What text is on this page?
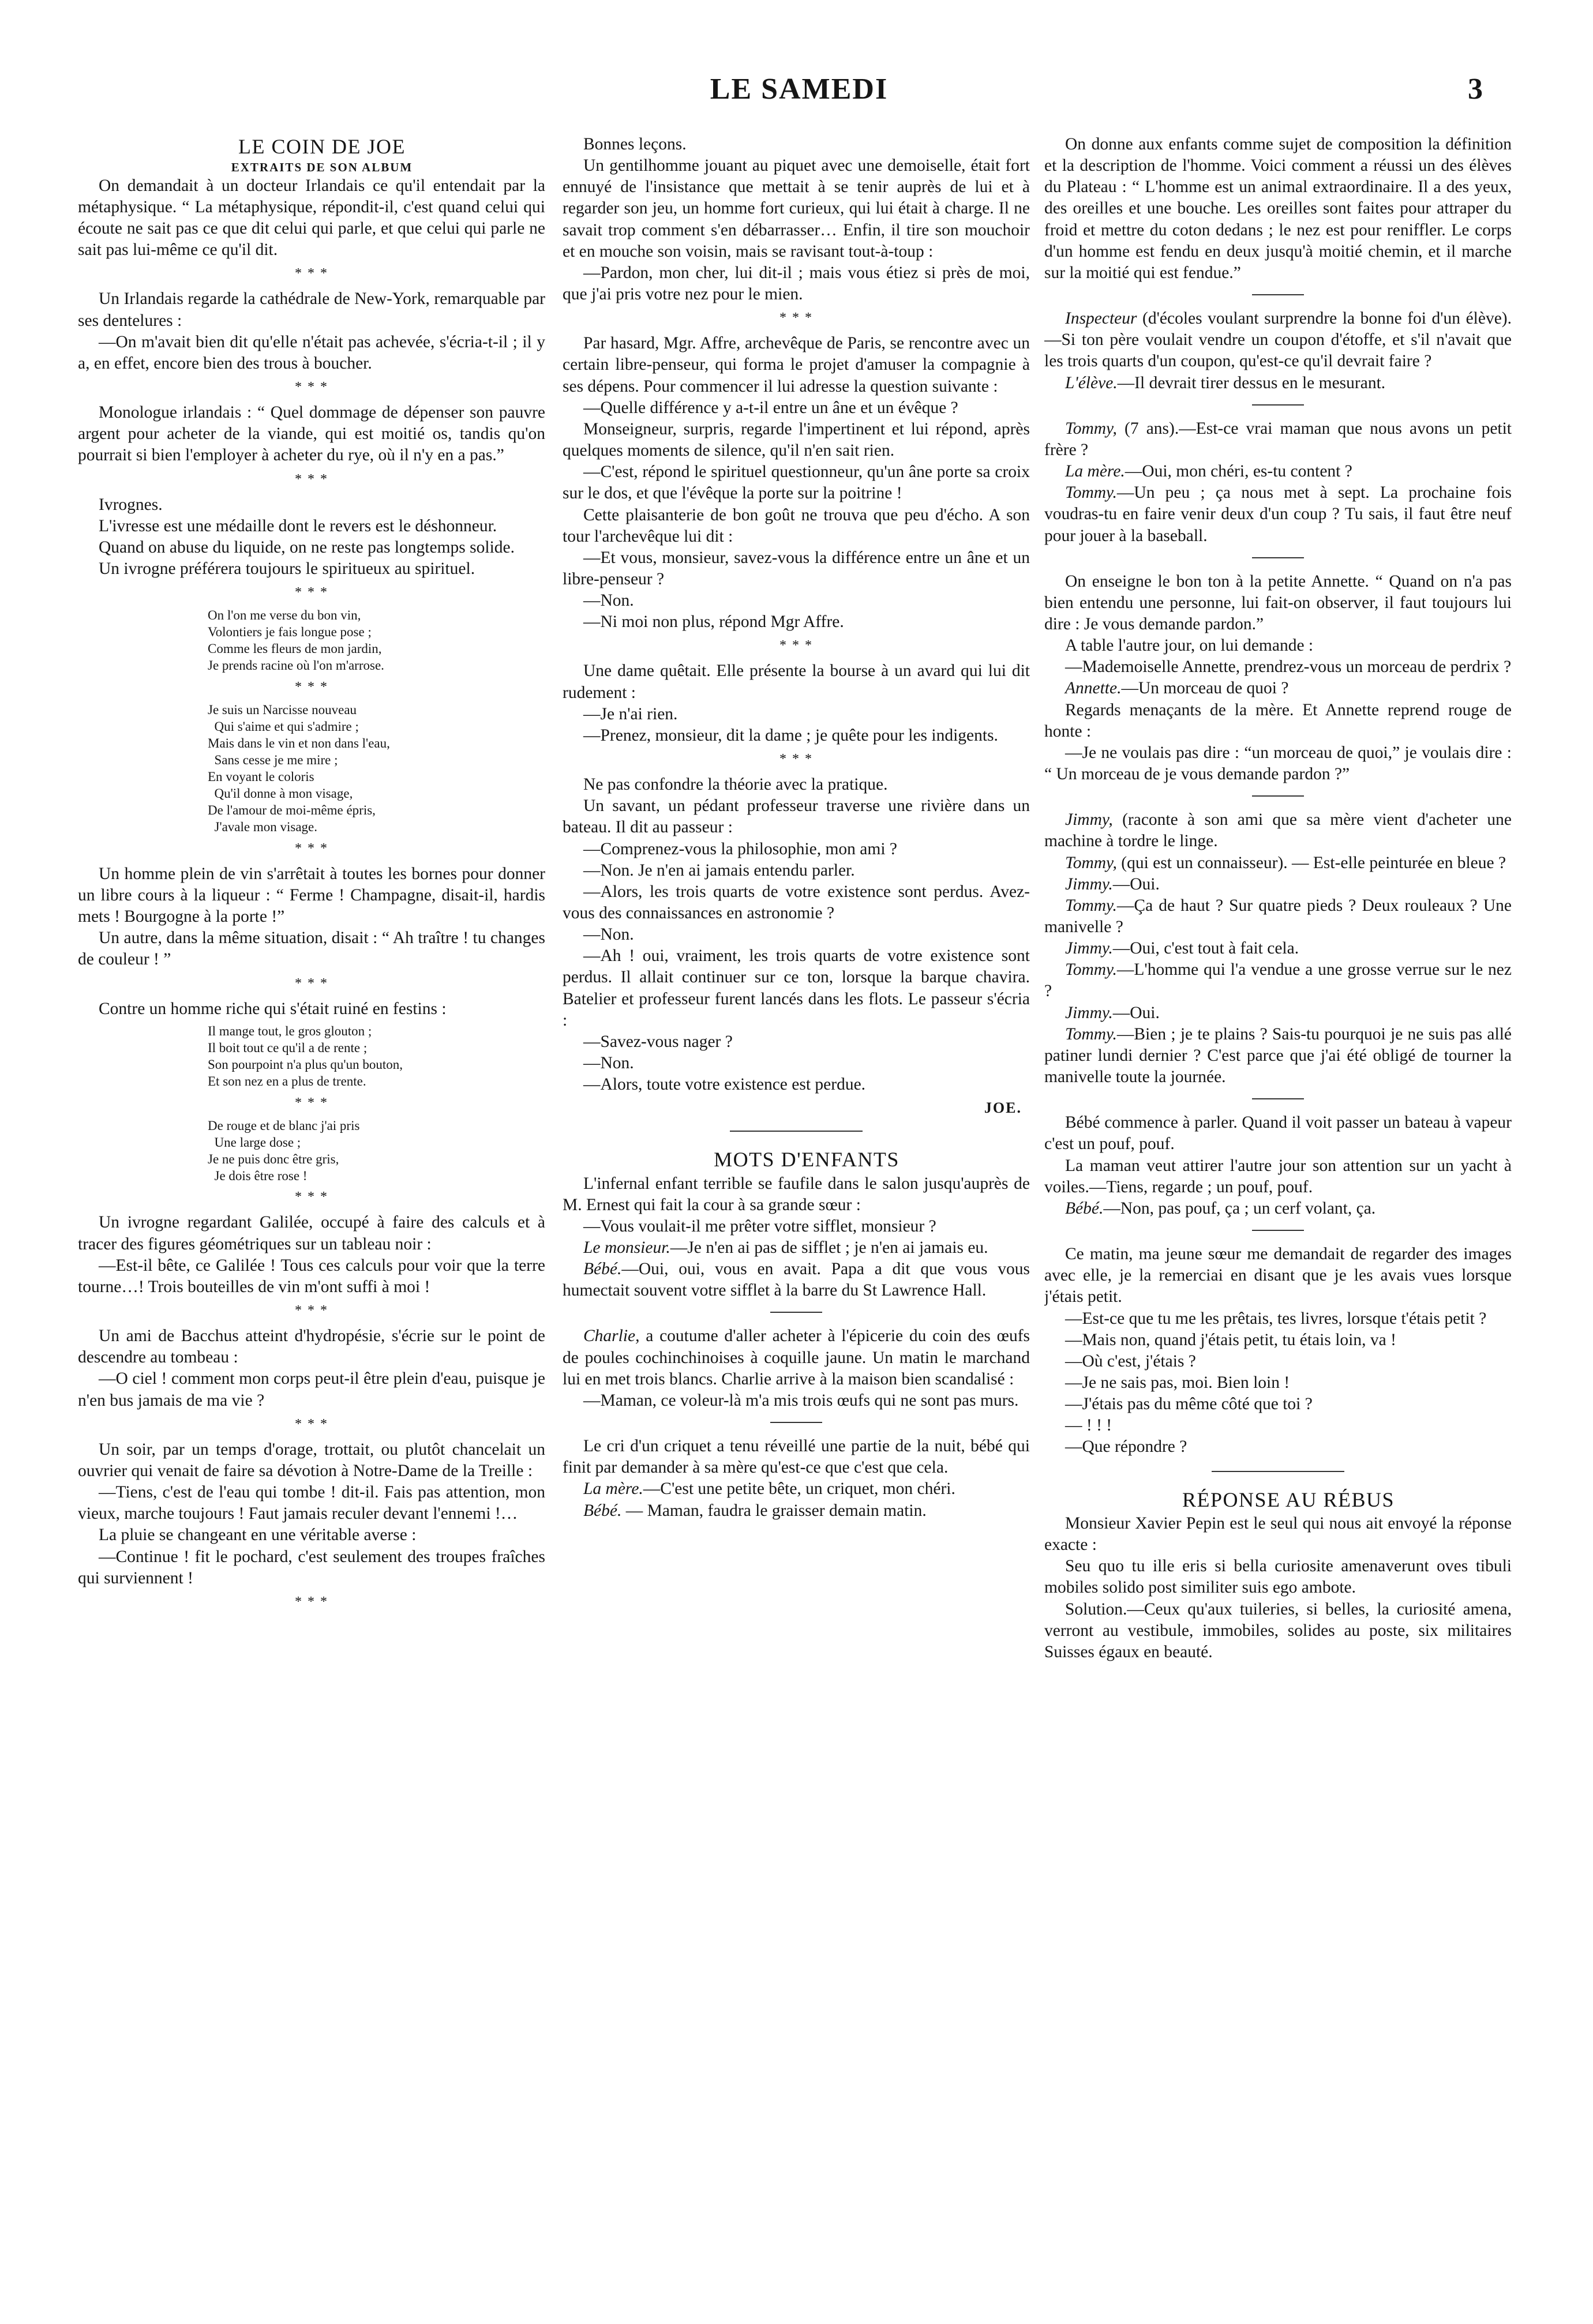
LE SAMEDI	3

LE COIN DE JOE

EXTRAITS DE SON ALBUM

On demandait à un docteur Irlandais ce qu'il entendait par la métaphysique. “ La métaphysique, répondit-il, c'est quand celui qui écoute ne sait pas ce que dit celui qui parle, et que celui qui parle ne sait pas lui-même ce qu'il dit.

* * *

Un Irlandais regarde la cathédrale de New-York, remarquable par ses dentelures :

—On m'avait bien dit qu'elle n'était pas achevée, s'écria-t-il ; il y a, en effet, encore bien des trous à boucher.

* * *

Monologue irlandais : “ Quel dommage de dépenser son pauvre argent pour acheter de la viande, qui est moitié os, tandis qu'on pourrait si bien l'employer à acheter du rye, où il n'y en a pas.”

* * *

Ivrognes.

L'ivresse est une médaille dont le revers est le déshonneur.

Quand on abuse du liquide, on ne reste pas longtemps solide.

Un ivrogne préférera toujours le spiritueux au spirituel.

* * *
On l'on me verse du bon vin,
Volontiers je fais longue pose ;
Comme les fleurs de mon jardin,
Je prends racine où l'on m'arrose.
* * *
Je suis un Narcisse nouveau
Qui s'aime et qui s'admire ;
Mais dans le vin et non dans l'eau,
Sans cesse je me mire ;
En voyant le coloris
Qu'il donne à mon visage,
De l'amour de moi-même épris,
J'avale mon visage.
* * *

Un homme plein de vin s'arrêtait à toutes les bornes pour donner un libre cours à la liqueur : “ Ferme ! Champagne, disait-il, hardis mets ! Bourgogne à la porte !”

Un autre, dans la même situation, disait : “ Ah traître ! tu changes de couleur ! ”

* * *

Contre un homme riche qui s'était ruiné en festins :

Il mange tout, le gros glouton ;
Il boit tout ce qu'il a de rente ;
Son pourpoint n'a plus qu'un bouton,
Et son nez en a plus de trente.
* * *
De rouge et de blanc j'ai pris
Une large dose ;
Je ne puis donc être gris,
Je dois être rose !
* * *

Un ivrogne regardant Galilée, occupé à faire des calculs et à tracer des figures géométriques sur un tableau noir :

—Est-il bête, ce Galilée ! Tous ces calculs pour voir que la terre tourne…! Trois bouteilles de vin m'ont suffi à moi !

* * *

Un ami de Bacchus atteint d'hydropésie, s'écrie sur le point de descendre au tombeau :

—O ciel ! comment mon corps peut-il être plein d'eau, puisque je n'en bus jamais de ma vie ?

* * *

Un soir, par un temps d'orage, trottait, ou plutôt chancelait un ouvrier qui venait de faire sa dévotion à Notre-Dame de la Treille :

—Tiens, c'est de l'eau qui tombe ! dit-il. Fais pas attention, mon vieux, marche toujours ! Faut jamais reculer devant l'ennemi !…

La pluie se changeant en une véritable averse :

—Continue ! fit le pochard, c'est seulement des troupes fraîches qui surviennent !

* * *

Bonnes leçons.

Un gentilhomme jouant au piquet avec une demoiselle, était fort ennuyé de l'insistance que mettait à se tenir auprès de lui et à regarder son jeu, un homme fort curieux, qui lui était à charge. Il ne savait trop comment s'en débarrasser… Enfin, il tire son mouchoir et en mouche son voisin, mais se ravisant tout-à-toup :

—Pardon, mon cher, lui dit-il ; mais vous étiez si près de moi, que j'ai pris votre nez pour le mien.

* * *

Par hasard, Mgr. Affre, archevêque de Paris, se rencontre avec un certain libre-penseur, qui forma le projet d'amuser la compagnie à ses dépens. Pour commencer il lui adresse la question suivante :

—Quelle différence y a-t-il entre un âne et un évêque ?

Monseigneur, surpris, regarde l'impertinent et lui répond, après quelques moments de silence, qu'il n'en sait rien.

—C'est, répond le spirituel questionneur, qu'un âne porte sa croix sur le dos, et que l'évêque la porte sur la poitrine !

Cette plaisanterie de bon goût ne trouva que peu d'écho. A son tour l'archevêque lui dit :

—Et vous, monsieur, savez-vous la différence entre un âne et un libre-penseur ?

—Non.

—Ni moi non plus, répond Mgr Affre.

* * *

Une dame quêtait. Elle présente la bourse à un avard qui lui dit rudement :

—Je n'ai rien.

—Prenez, monsieur, dit la dame ; je quête pour les indigents.

* * *

Ne pas confondre la théorie avec la pratique.

Un savant, un pédant professeur traverse une rivière dans un bateau. Il dit au passeur :

—Comprenez-vous la philosophie, mon ami ?

—Non. Je n'en ai jamais entendu parler.

—Alors, les trois quarts de votre existence sont perdus. Avez-vous des connaissances en astronomie ?

—Non.

—Ah ! oui, vraiment, les trois quarts de votre existence sont perdus. Il allait continuer sur ce ton, lorsque la barque chavira. Batelier et professeur furent lancés dans les flots. Le passeur s'écria :

—Savez-vous nager ?

—Non.

—Alors, toute votre existence est perdue.

JOE.

MOTS D'ENFANTS

L'infernal enfant terrible se faufile dans le salon jusqu'auprès de M. Ernest qui fait la cour à sa grande sœur :

—Vous voulait-il me prêter votre sifflet, monsieur ?

Le monsieur.—Je n'en ai pas de sifflet ; je n'en ai jamais eu.

Bébé.—Oui, oui, vous en avait. Papa a dit que vous vous humectait souvent votre sifflet à la barre du St Lawrence Hall.

Charlie, a coutume d'aller acheter à l'épicerie du coin des œufs de poules cochinchinoises à coquille jaune. Un matin le marchand lui en met trois blancs. Charlie arrive à la maison bien scandalisé :

—Maman, ce voleur-là m'a mis trois œufs qui ne sont pas murs.

Le cri d'un criquet a tenu réveillé une partie de la nuit, bébé qui finit par demander à sa mère qu'est-ce que c'est que cela.

La mère.—C'est une petite bête, un criquet, mon chéri.

Bébé. — Maman, faudra le graisser demain matin.

On donne aux enfants comme sujet de composition la définition et la description de l'homme. Voici comment a réussi un des élèves du Plateau : “ L'homme est un animal extraordinaire. Il a des yeux, des oreilles et une bouche. Les oreilles sont faites pour attraper du froid et mettre du coton dedans ; le nez est pour reniffler. Le corps d'un homme est fendu en deux jusqu'à moitié chemin, et il marche sur la moitié qui est fendue.”

Inspecteur (d'écoles voulant surprendre la bonne foi d'un élève).—Si ton père voulait vendre un coupon d'étoffe, et s'il n'avait que les trois quarts d'un coupon, qu'est-ce qu'il devrait faire ?

L'élève.—Il devrait tirer dessus en le mesurant.

Tommy, (7 ans).—Est-ce vrai maman que nous avons un petit frère ?

La mère.—Oui, mon chéri, es-tu content ?

Tommy.—Un peu ; ça nous met à sept. La prochaine fois voudras-tu en faire venir deux d'un coup ? Tu sais, il faut être neuf pour jouer à la baseball.

On enseigne le bon ton à la petite Annette. “ Quand on n'a pas bien entendu une personne, lui fait-on observer, il faut toujours lui dire : Je vous demande pardon.”

A table l'autre jour, on lui demande :

—Mademoiselle Annette, prendrez-vous un morceau de perdrix ?

Annette.—Un morceau de quoi ?

Regards menaçants de la mère. Et Annette reprend rouge de honte :

—Je ne voulais pas dire : “un morceau de quoi,” je voulais dire : “ Un morceau de je vous demande pardon ?”

Jimmy, (raconte à son ami que sa mère vient d'acheter une machine à tordre le linge.

Tommy, (qui est un connaisseur). — Est-elle peinturée en bleue ?

Jimmy.—Oui.

Tommy.—Ça de haut ? Sur quatre pieds ? Deux rouleaux ? Une manivelle ?

Jimmy.—Oui, c'est tout à fait cela.

Tommy.—L'homme qui l'a vendue a une grosse verrue sur le nez ?

Jimmy.—Oui.

Tommy.—Bien ; je te plains ? Sais-tu pourquoi je ne suis pas allé patiner lundi dernier ? C'est parce que j'ai été obligé de tourner la manivelle toute la journée.

Bébé commence à parler. Quand il voit passer un bateau à vapeur c'est un pouf, pouf.

La maman veut attirer l'autre jour son attention sur un yacht à voiles.—Tiens, regarde ; un pouf, pouf.

Bébé.—Non, pas pouf, ça ; un cerf volant, ça.

Ce matin, ma jeune sœur me demandait de regarder des images avec elle, je la remerciai en disant que je les avais vues lorsque j'étais petit.

—Est-ce que tu me les prêtais, tes livres, lorsque t'étais petit ?

—Mais non, quand j'étais petit, tu étais loin, va !

—Où c'est, j'étais ?

—Je ne sais pas, moi. Bien loin !

—J'étais pas du même côté que toi ?

— ! ! !

—Que répondre ?

RÉPONSE AU RÉBUS

Monsieur Xavier Pepin est le seul qui nous ait envoyé la réponse exacte :

Seu quo tu ille eris si bella curiosite amenaverunt oves tibuli mobiles solido post similiter suis ego ambote.

Solution.—Ceux qu'aux tuileries, si belles, la curiosité amena, verront au vestibule, immobiles, solides au poste, six militaires Suisses égaux en beauté.
